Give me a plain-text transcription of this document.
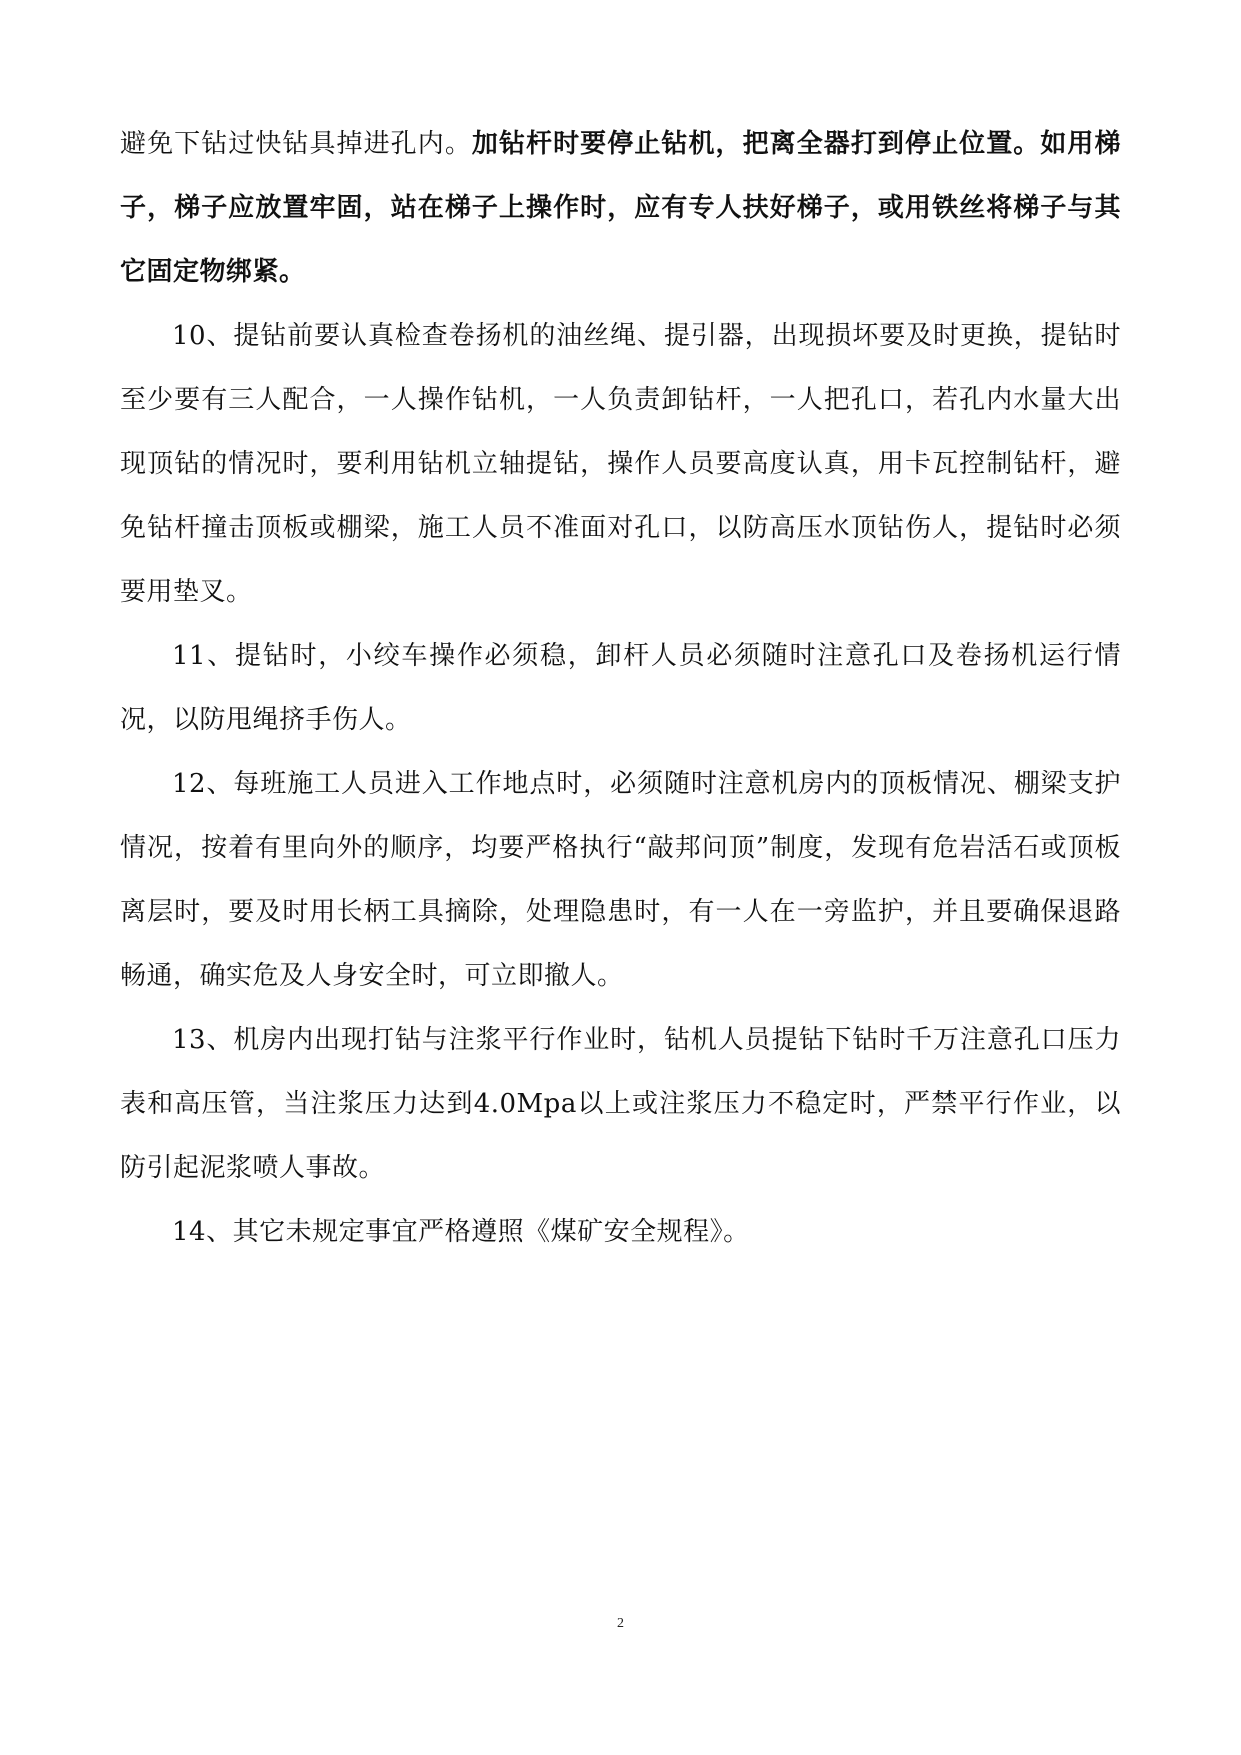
避免下钻过快钻具掉进孔内。加钻杆时要停止钻机，把离全器打到停止位置。如用梯子，梯子应放置牢固，站在梯子上操作时，应有专人扶好梯子，或用铁丝将梯子与其它固定物绑紧。

10、提钻前要认真检查卷扬机的油丝绳、提引器，出现损坏要及时更换，提钻时至少要有三人配合，一人操作钻机，一人负责卸钻杆，一人把孔口，若孔内水量大出现顶钻的情况时，要利用钻机立轴提钻，操作人员要高度认真，用卡瓦控制钻杆，避免钻杆撞击顶板或棚梁，施工人员不准面对孔口，以防高压水顶钻伤人，提钻时必须要用垫叉。

11、提钻时，小绞车操作必须稳，卸杆人员必须随时注意孔口及卷扬机运行情况，以防甩绳挤手伤人。

12、每班施工人员进入工作地点时，必须随时注意机房内的顶板情况、棚梁支护情况，按着有里向外的顺序，均要严格执行“敲邦问顶”制度，发现有危岩活石或顶板离层时，要及时用长柄工具摘除，处理隐患时，有一人在一旁监护，并且要确保退路畅通，确实危及人身安全时，可立即撤人。

13、机房内出现打钻与注浆平行作业时，钻机人员提钻下钻时千万注意孔口压力表和高压管，当注浆压力达到4.0Mpa以上或注浆压力不稳定时，严禁平行作业，以防引起泥浆喷人事故。

14、其它未规定事宜严格遵照《煤矿安全规程》。

2
